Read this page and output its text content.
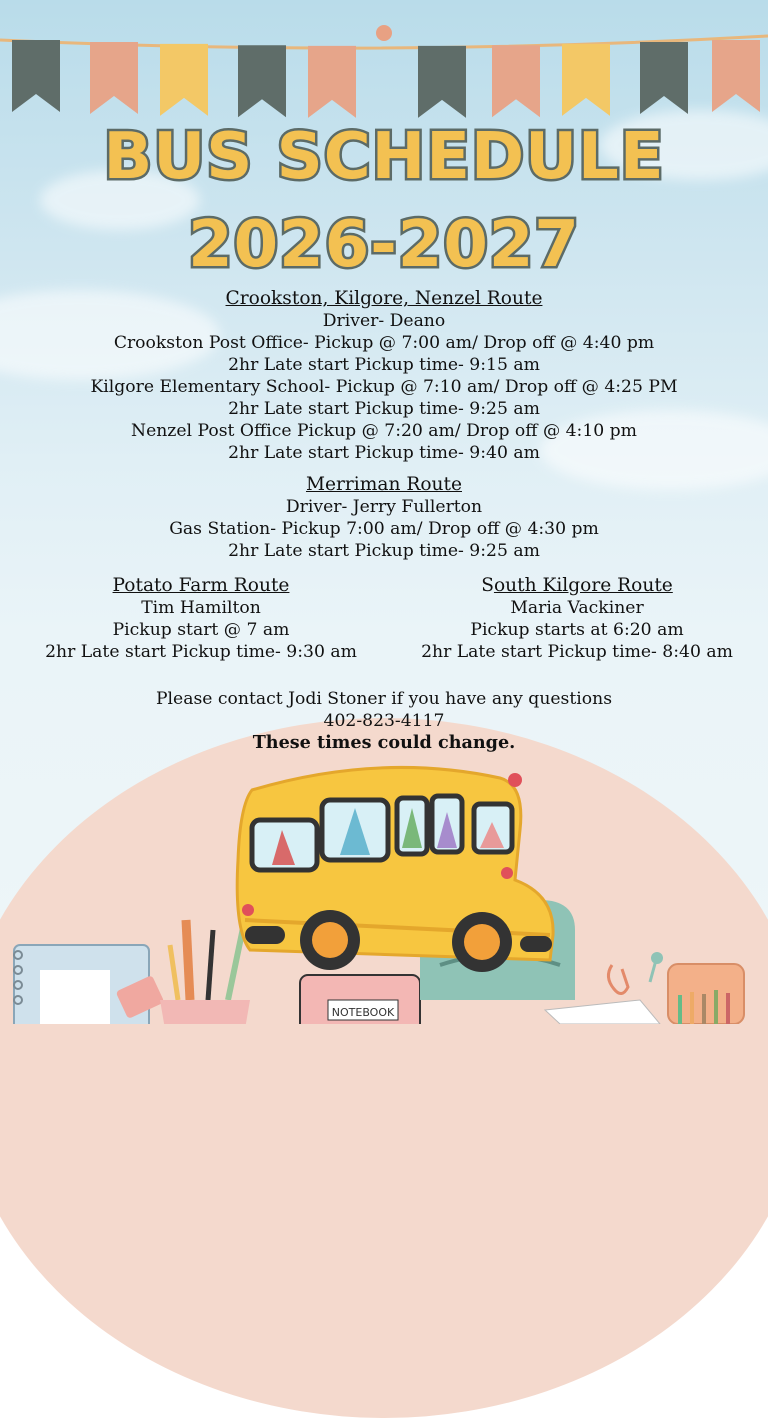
BUS SCHEDULE
2026-2027
Crookston, Kilgore, Nenzel Route
Driver- Deano
Crookston Post Office- Pickup @ 7:00 am/ Drop off @ 4:40 pm
2hr Late start Pickup time- 9:15 am
Kilgore Elementary School- Pickup @ 7:10 am/ Drop off @ 4:25 PM
2hr Late start Pickup time- 9:25 am
Nenzel Post Office Pickup @ 7:20 am/ Drop off @ 4:10 pm
2hr Late start Pickup time- 9:40 am
Merriman Route
Driver- Jerry Fullerton
Gas Station- Pickup 7:00 am/ Drop off @ 4:30 pm
2hr Late start Pickup time- 9:25 am
Potato Farm Route
Tim Hamilton
Pickup start @ 7 am
2hr Late start Pickup time- 9:30 am
South Kilgore Route
Maria Vackiner
Pickup starts at 6:20 am
2hr Late start Pickup time- 8:40 am
Please contact Jodi Stoner if you have any questions
402-823-4117
These times could change.
NOTEBOOK
